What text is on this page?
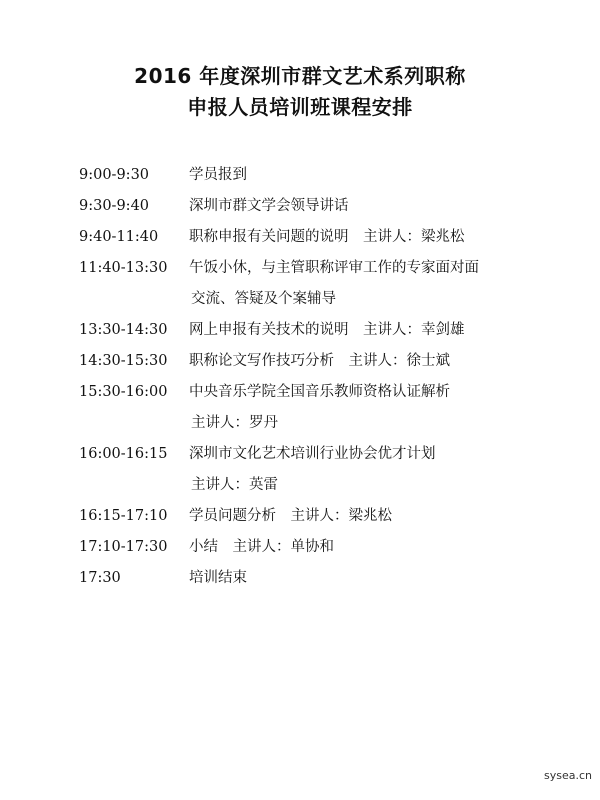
2016 年度深圳市群文艺术系列职称
申报人员培训班课程安排
9:00-9:30	学员报到
9:30-9:40	深圳市群文学会领导讲话
9:40-11:40	职称申报有关问题的说明　主讲人：梁兆松
11:40-13:30	午饭小休，与主管职称评审工作的专家面对面
交流、答疑及个案辅导
13:30-14:30	网上申报有关技术的说明　主讲人：幸剑雄
14:30-15:30	职称论文写作技巧分析　主讲人：徐士斌
15:30-16:00	中央音乐学院全国音乐教师资格认证解析
主讲人：罗丹
16:00-16:15	深圳市文化艺术培训行业协会优才计划
主讲人：英雷
16:15-17:10	学员问题分析　主讲人：梁兆松
17:10-17:30	小结　主讲人：单协和
17:30	培训结束
sysea.cn
